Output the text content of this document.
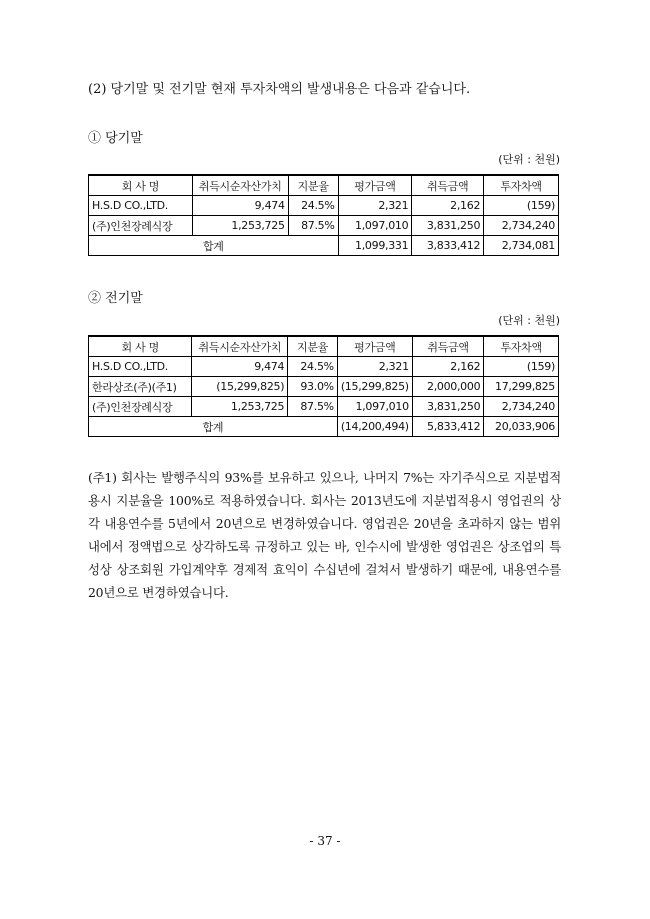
(2) 당기말 및 전기말 현재 투자차액의 발생내용은 다음과 같습니다.
① 당기말
(단위 : 천원)
회 사 명	취득시순자산가치	지분율	평가금액	취득금액	투자차액
H.S.D CO.,LTD.	9,474	24.5%	2,321	2,162	(159)
(주)인천장례식장	1,253,725	87.5%	1,097,010	3,831,250	2,734,240
합계			1,099,331	3,833,412	2,734,081
② 전기말
(단위 : 천원)
회 사 명	취득시순자산가치	지분율	평가금액	취득금액	투자차액
H.S.D CO.,LTD.	9,474	24.5%	2,321	2,162	(159)
한라상조(주)(주1)	(15,299,825)	93.0%	(15,299,825)	2,000,000	17,299,825
(주)인천장례식장	1,253,725	87.5%	1,097,010	3,831,250	2,734,240
합계			(14,200,494)	5,833,412	20,033,906
(주1) 회사는 발행주식의 93%를 보유하고 있으나, 나머지 7%는 자기주식으로 지분법적용시 지분율을 100%로 적용하였습니다. 회사는 2013년도에 지분법적용시 영업권의 상각 내용연수를 5년에서 20년으로 변경하였습니다. 영업권은 20년을 초과하지 않는 범위내에서 정액법으로 상각하도록 규정하고 있는 바, 인수시에 발생한 영업권은 상조업의 특성상 상조회원 가입계약후 경제적 효익이 수십년에 걸쳐서 발생하기 때문에, 내용연수를 20년으로 변경하였습니다.
- 37 -
